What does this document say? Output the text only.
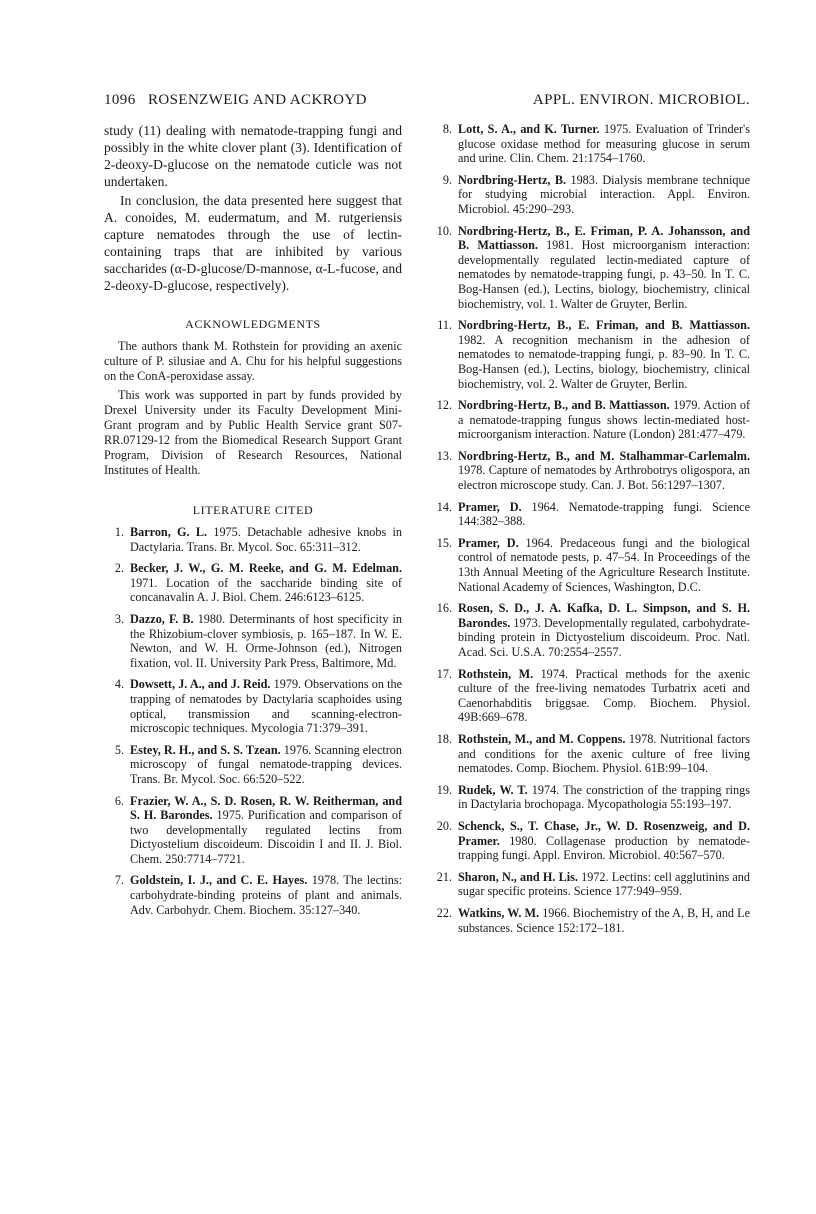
1096 ROSENZWEIG AND ACKROYD	APPL. ENVIRON. MICROBIOL.

study (11) dealing with nematode-trapping fungi and possibly in the white clover plant (3). Identification of 2-deoxy-D-glucose on the nematode cuticle was not undertaken.

In conclusion, the data presented here suggest that A. conoides, M. eudermatum, and M. rutgeriensis capture nematodes through the use of lectin-containing traps that are inhibited by various saccharides (α-D-glucose/D-mannose, α-L-fucose, and 2-deoxy-D-glucose, respectively).

ACKNOWLEDGMENTS

The authors thank M. Rothstein for providing an axenic culture of P. silusiae and A. Chu for his helpful suggestions on the ConA-peroxidase assay.

This work was supported in part by funds provided by Drexel University under its Faculty Development Mini-Grant program and by Public Health Service grant S07-RR.07129-12 from the Biomedical Research Support Grant Program, Division of Research Resources, National Institutes of Health.

LITERATURE CITED
1. Barron, G. L. 1975. Detachable adhesive knobs in Dactylaria. Trans. Br. Mycol. Soc. 65:311–312.
2. Becker, J. W., G. M. Reeke, and G. M. Edelman. 1971. Location of the saccharide binding site of concanavalin A. J. Biol. Chem. 246:6123–6125.
3. Dazzo, F. B. 1980. Determinants of host specificity in the Rhizobium-clover symbiosis, p. 165–187. In W. E. Newton, and W. H. Orme-Johnson (ed.), Nitrogen fixation, vol. II. University Park Press, Baltimore, Md.
4. Dowsett, J. A., and J. Reid. 1979. Observations on the trapping of nematodes by Dactylaria scaphoides using optical, transmission and scanning-electron-microscopic techniques. Mycologia 71:379–391.
5. Estey, R. H., and S. S. Tzean. 1976. Scanning electron microscopy of fungal nematode-trapping devices. Trans. Br. Mycol. Soc. 66:520–522.
6. Frazier, W. A., S. D. Rosen, R. W. Reitherman, and S. H. Barondes. 1975. Purification and comparison of two developmentally regulated lectins from Dictyostelium discoideum. Discoidin I and II. J. Biol. Chem. 250:7714–7721.
7. Goldstein, I. J., and C. E. Hayes. 1978. The lectins: carbohydrate-binding proteins of plant and animals. Adv. Carbohydr. Chem. Biochem. 35:127–340.
8. Lott, S. A., and K. Turner. 1975. Evaluation of Trinder's glucose oxidase method for measuring glucose in serum and urine. Clin. Chem. 21:1754–1760.
9. Nordbring-Hertz, B. 1983. Dialysis membrane technique for studying microbial interaction. Appl. Environ. Microbiol. 45:290–293.
10. Nordbring-Hertz, B., E. Friman, P. A. Johansson, and B. Mattiasson. 1981. Host microorganism interaction: developmentally regulated lectin-mediated capture of nematodes by nematode-trapping fungi, p. 43–50. In T. C. Bog-Hansen (ed.), Lectins, biology, biochemistry, clinical biochemistry, vol. 1. Walter de Gruyter, Berlin.
11. Nordbring-Hertz, B., E. Friman, and B. Mattiasson. 1982. A recognition mechanism in the adhesion of nematodes to nematode-trapping fungi, p. 83–90. In T. C. Bog-Hansen (ed.), Lectins, biology, biochemistry, clinical biochemistry, vol. 2. Walter de Gruyter, Berlin.
12. Nordbring-Hertz, B., and B. Mattiasson. 1979. Action of a nematode-trapping fungus shows lectin-mediated host-microorganism interaction. Nature (London) 281:477–479.
13. Nordbring-Hertz, B., and M. Stalhammar-Carlemalm. 1978. Capture of nematodes by Arthrobotrys oligospora, an electron microscope study. Can. J. Bot. 56:1297–1307.
14. Pramer, D. 1964. Nematode-trapping fungi. Science 144:382–388.
15. Pramer, D. 1964. Predaceous fungi and the biological control of nematode pests, p. 47–54. In Proceedings of the 13th Annual Meeting of the Agriculture Research Institute. National Academy of Sciences, Washington, D.C.
16. Rosen, S. D., J. A. Kafka, D. L. Simpson, and S. H. Barondes. 1973. Developmentally regulated, carbohydrate-binding protein in Dictyostelium discoideum. Proc. Natl. Acad. Sci. U.S.A. 70:2554–2557.
17. Rothstein, M. 1974. Practical methods for the axenic culture of the free-living nematodes Turbatrix aceti and Caenorhabditis briggsae. Comp. Biochem. Physiol. 49B:669–678.
18. Rothstein, M., and M. Coppens. 1978. Nutritional factors and conditions for the axenic culture of free living nematodes. Comp. Biochem. Physiol. 61B:99–104.
19. Rudek, W. T. 1974. The constriction of the trapping rings in Dactylaria brochopaga. Mycopathologia 55:193–197.
20. Schenck, S., T. Chase, Jr., W. D. Rosenzweig, and D. Pramer. 1980. Collagenase production by nematode-trapping fungi. Appl. Environ. Microbiol. 40:567–570.
21. Sharon, N., and H. Lis. 1972. Lectins: cell agglutinins and sugar specific proteins. Science 177:949–959.
22. Watkins, W. M. 1966. Biochemistry of the A, B, H, and Le substances. Science 152:172–181.
